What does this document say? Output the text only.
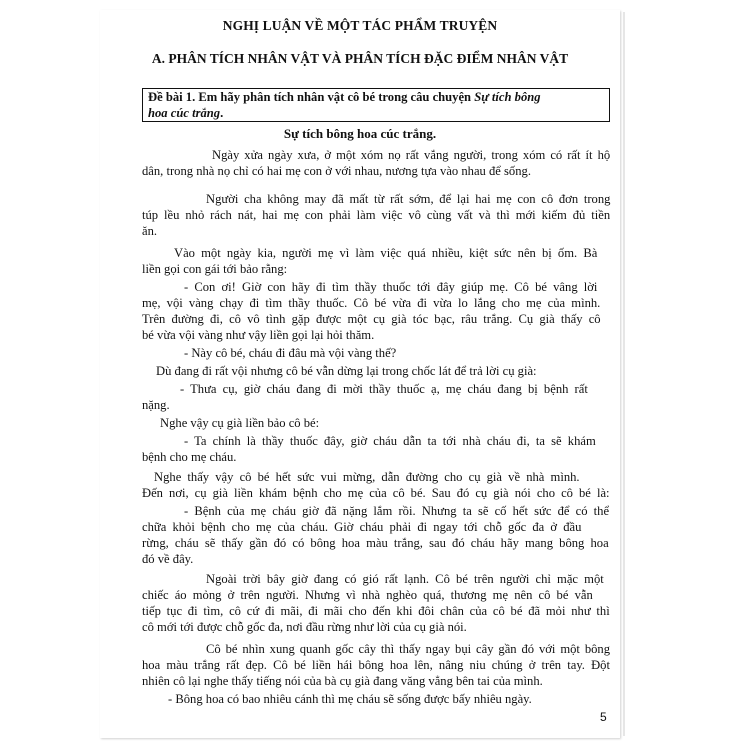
NGHỊ LUẬN VỀ MỘT TÁC PHẨM TRUYỆN
A. PHÂN TÍCH NHÂN VẬT VÀ PHÂN TÍCH ĐẶC ĐIỂM NHÂN VẬT
Đề bài 1. Em hãy phân tích nhân vật cô bé trong câu chuyện Sự tích bông
hoa cúc trắng.
Sự tích bông hoa cúc trắng.
Ngày xửa ngày xưa, ở một xóm nọ rất vắng người, trong xóm có rất ít hộ
dân, trong nhà nọ chỉ có hai mẹ con ở với nhau, nương tựa vào nhau để sống.
Người cha không may đã mất từ rất sớm, để lại hai mẹ con cô đơn trong
túp lều nhỏ rách nát, hai mẹ con phải làm việc vô cùng vất và thì mới kiếm đủ tiền
ăn.
Vào một ngày kia, người mẹ vì làm việc quá nhiều, kiệt sức nên bị ốm. Bà
liền gọi con gái tới bảo rằng:
- Con ơi! Giờ con hãy đi tìm thầy thuốc tới đây giúp mẹ. Cô bé vâng lời
mẹ, vội vàng chạy đi tìm thầy thuốc. Cô bé vừa đi vừa lo lắng cho mẹ của mình.
Trên đường đi, cô vô tình gặp được một cụ già tóc bạc, râu trắng. Cụ già thấy cô
bé vừa vội vàng như vậy liền gọi lại hỏi thăm.
- Này cô bé, cháu đi đâu mà vội vàng thế?
Dù đang đi rất vội nhưng cô bé vẫn dừng lại trong chốc lát để trả lời cụ già:
- Thưa cụ, giờ cháu đang đi mời thầy thuốc ạ, mẹ cháu đang bị bệnh rất
nặng.
Nghe vậy cụ già liền bảo cô bé:
- Ta chính là thầy thuốc đây, giờ cháu dẫn ta tới nhà cháu đi, ta sẽ khám
bệnh cho mẹ cháu.
Nghe thấy vậy cô bé hết sức vui mừng, dẫn đường cho cụ già về nhà mình.
Đến nơi, cụ già liền khám bệnh cho mẹ của cô bé. Sau đó cụ già nói cho cô bé là:
- Bệnh của mẹ cháu giờ đã nặng lắm rồi. Nhưng ta sẽ cố hết sức để có thể
chữa khỏi bệnh cho mẹ của cháu. Giờ cháu phải đi ngay tới chỗ gốc đa ở đầu
rừng, cháu sẽ thấy gần đó có bông hoa màu trắng, sau đó cháu hãy mang bông hoa
đó về đây.
Ngoài trời bây giờ đang có gió rất lạnh. Cô bé trên người chỉ mặc một
chiếc áo mỏng ở trên người. Nhưng vì nhà nghèo quá, thương mẹ nên cô bé vẫn
tiếp tục đi tìm, cô cứ đi mãi, đi mãi cho đến khi đôi chân của cô bé đã mỏi như thì
cô mới tới được chỗ gốc đa, nơi đầu rừng như lời của cụ già nói.
Cô bé nhìn xung quanh gốc cây thì thấy ngay bụi cây gần đó với một bông
hoa màu trắng rất đẹp. Cô bé liền hái bông hoa lên, nâng niu chúng ở trên tay. Đột
nhiên cô lại nghe thấy tiếng nói của bà cụ già đang văng vẳng bên tai của mình.
- Bông hoa có bao nhiêu cánh thì mẹ cháu sẽ sống được bấy nhiêu ngày.
5
